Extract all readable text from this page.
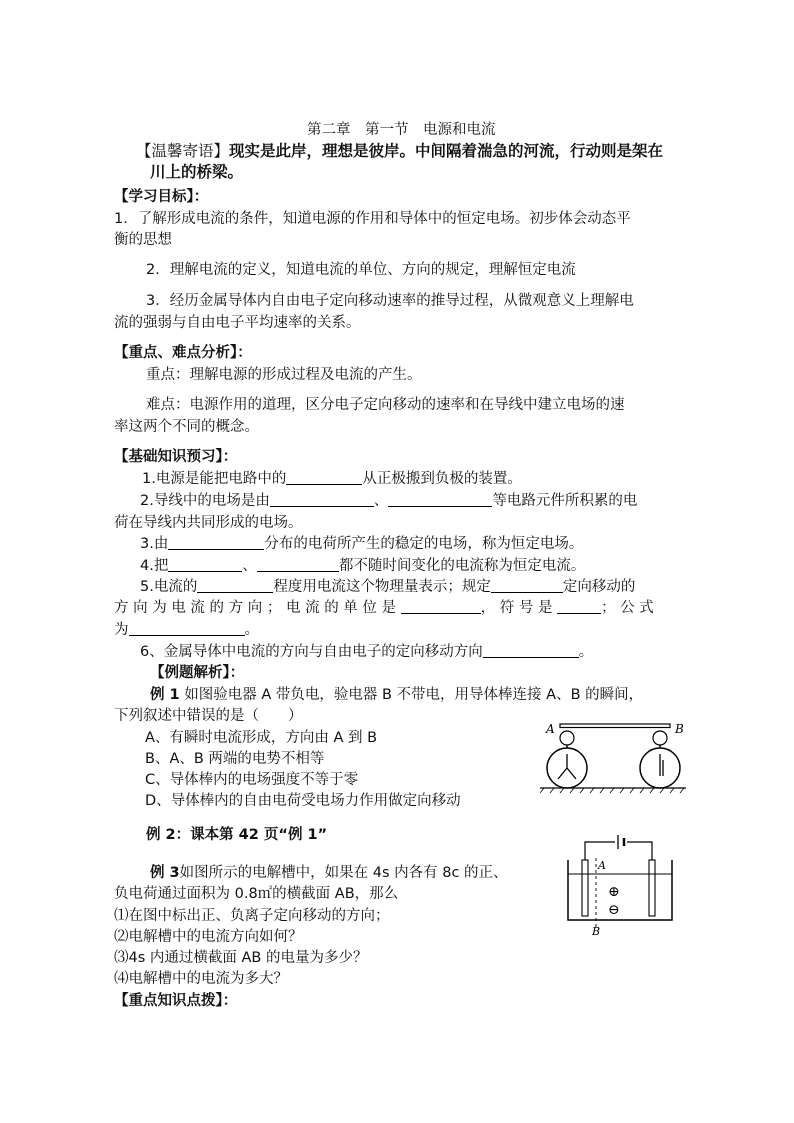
第二章　第一节　电源和电流
【温馨寄语】现实是此岸，理想是彼岸。中间隔着湍急的河流，行动则是架在
川上的桥梁。
【学习目标】：
1．了解形成电流的条件，知道电源的作用和导体中的恒定电场。初步体会动态平
衡的思想
2．理解电流的定义，知道电流的单位、方向的规定，理解恒定电流
3．经历金属导体内自由电子定向移动速率的推导过程，从微观意义上理解电
流的强弱与自由电子平均速率的关系。
【重点、难点分析】：
重点：理解电源的形成过程及电流的产生。
难点：电源作用的道理，区分电子定向移动的速率和在导线中建立电场的速
率这两个不同的概念。
【基础知识预习】：
1.电源是能把电路中的	从正极搬到负极的装置。
2.导线中的电场是由	、	等电路元件所积累的电
荷在导线内共同形成的电场。
3.由	分布的电荷所产生的稳定的电场，称为恒定电场。
4.把	、	都不随时间变化的电流称为恒定电流。
5.电流的	程度用电流这个物理量表示；规定	定向移动的
方 向 为 电 流 的 方 向 ； 电 流 的 单 位 是	， 符 号 是	； 公 式
为	。
6、金属导体中电流的方向与自由电子的定向移动方向	。
【例题解析】：
例 1 如图验电器 A 带负电，验电器 B 不带电，用导体棒连接 A、B 的瞬间，
下列叙述中错误的是（　　）
A、有瞬时电流形成，方向由 A 到 B
B、A、B 两端的电势不相等
C、导体棒内的电场强度不等于零
D、导体棒内的自由电荷受电场力作用做定向移动
A	B
例 2：课本第 42 页“例 1”
例 3如图所示的电解槽中，如果在 4s 内各有 8c 的正、
负电荷通过面积为 0.8㎡的横截面 AB，那么
⑴在图中标出正、负离子定向移动的方向；
⑵电解槽中的电流方向如何？
⑶4s 内通过横截面 AB 的电量为多少？
⑷电解槽中的电流为多大？
A
B
⊕
⊖
【重点知识点拨】：
